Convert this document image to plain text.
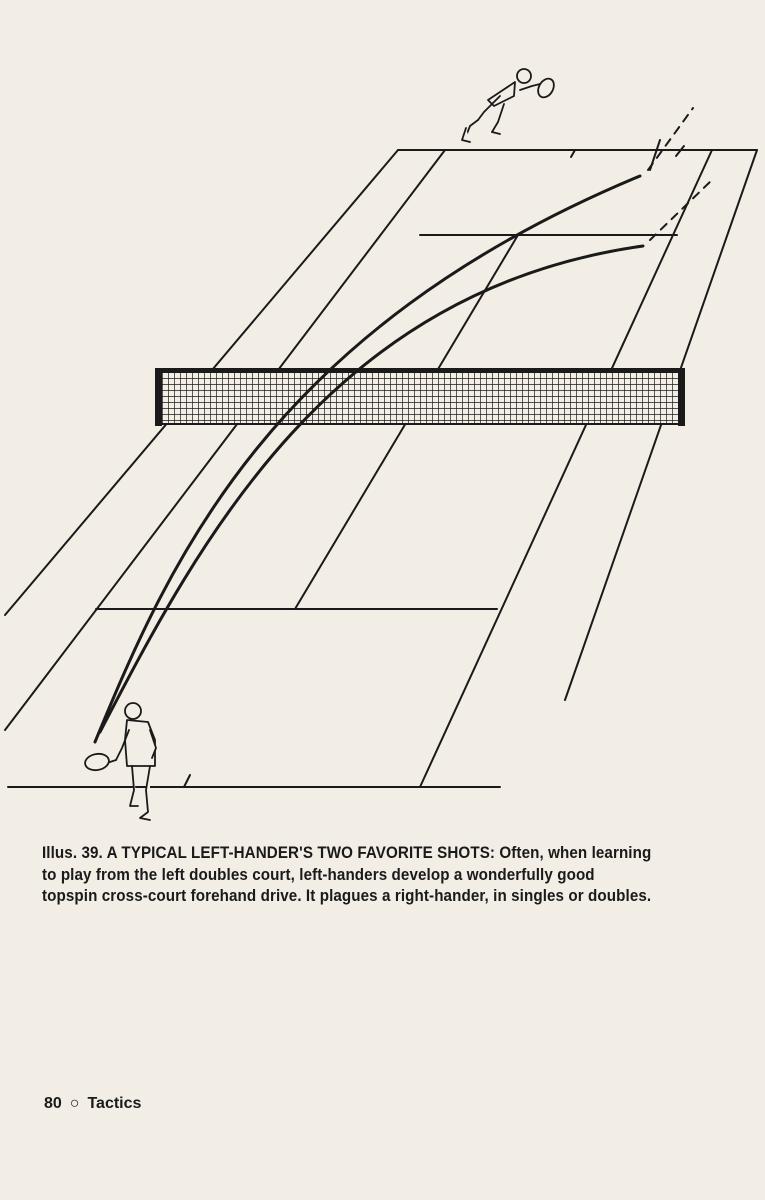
Illus. 39. A TYPICAL LEFT-HANDER'S TWO FAVORITE SHOTS: Often, when learning to play from the left doubles court, left-handers develop a wonderfully good topspin cross-court forehand drive. It plagues a right-hander, in singles or doubles.
80 ○ Tactics
